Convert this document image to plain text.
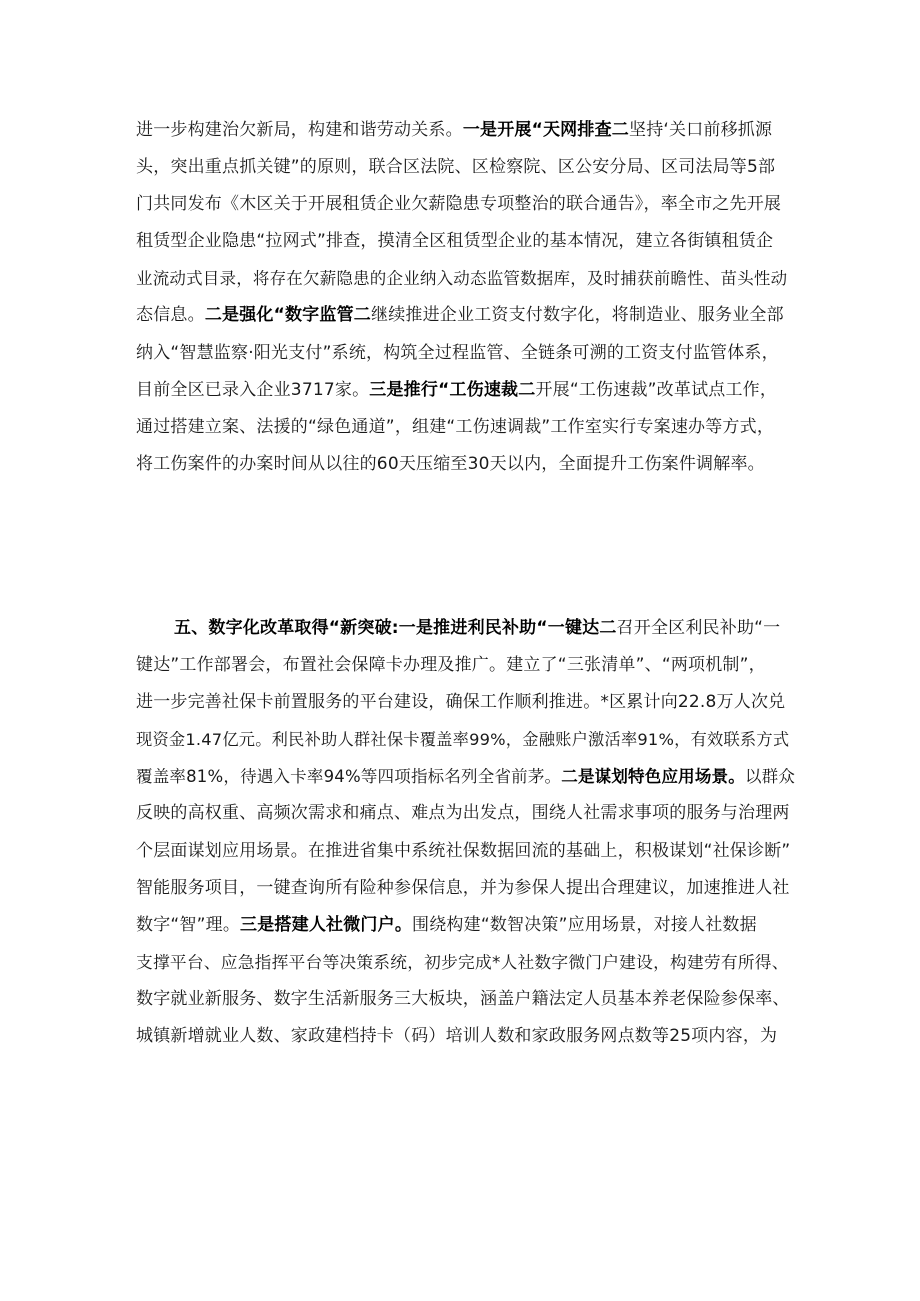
进一步构建治欠新局，构建和谐劳动关系。一是开展“天网排查二坚持‘关口前移抓源
头，突出重点抓关键”的原则，联合区法院、区检察院、区公安分局、区司法局等5部
门共同发布《木区关于开展租赁企业欠薪隐患专项整治的联合通告》，率全市之先开展
租赁型企业隐患“拉网式”排查，摸清全区租赁型企业的基本情况，建立各街镇租赁企
业流动式目录，将存在欠薪隐患的企业纳入动态监管数据库，及时捕获前瞻性、苗头性动
态信息。二是强化“数字监管二继续推进企业工资支付数字化，将制造业、服务业全部
纳入“智慧监察·阳光支付”系统，构筑全过程监管、全链条可溯的工资支付监管体系，
目前全区已录入企业3717家。三是推行“工伤速裁二开展“工伤速裁”改革试点工作，
通过搭建立案、法援的“绿色通道”，组建“工伤速调裁”工作室实行专案速办等方式，
将工伤案件的办案时间从以往的60天压缩至30天以内，全面提升工伤案件调解率。
五、数字化改革取得“新突破:一是推进利民补助“一键达二召开全区利民补助“一
键达”工作部署会，布置社会保障卡办理及推广。建立了“三张清单”、“两项机制”，
进一步完善社保卡前置服务的平台建设，确保工作顺利推进。*区累计向22.8万人次兑
现资金1.47亿元。利民补助人群社保卡覆盖率99%，金融账户激活率91%，有效联系方式
覆盖率81%，待遇入卡率94%等四项指标名列全省前茅。二是谋划特色应用场景。以群众
反映的高权重、高频次需求和痛点、难点为出发点，围绕人社需求事项的服务与治理两
个层面谋划应用场景。在推进省集中系统社保数据回流的基础上，积极谋划“社保诊断”
智能服务项目，一键查询所有险种参保信息，并为参保人提出合理建议，加速推进人社
数字“智”理。三是搭建人社微门户。围绕构建“数智决策”应用场景，对接人社数据
支撑平台、应急指挥平台等决策系统，初步完成*人社数字微门户建设，构建劳有所得、
数字就业新服务、数字生活新服务三大板块，涵盖户籍法定人员基本养老保险参保率、
城镇新增就业人数、家政建档持卡（码）培训人数和家政服务网点数等25项内容，为
